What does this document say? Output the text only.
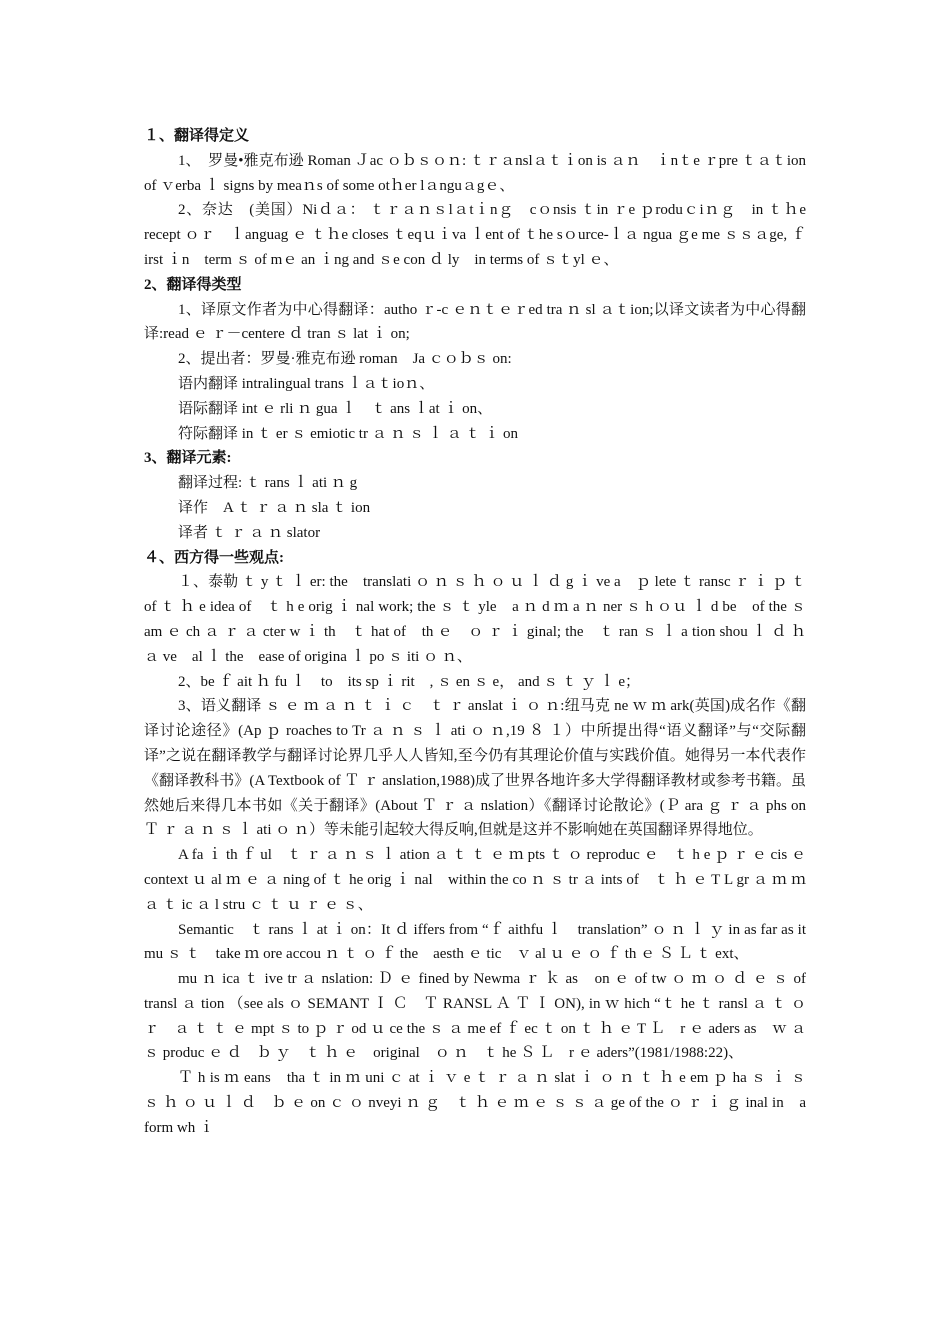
１、翻译得定义

1、　罗曼•雅克布逊 Roman Ｊac ｏｂｓｏｎ: ｔｒａnslａｔｉon is ａｎ　ｉnｔe ｒpre ｔａｔion　of ｖerba ｌ signs by meaｎs of some otｈer lａnguａgｅ、

2、奈达　(美国）Niｄａ： ｔｒａｎｓlａtｉnｇ　cｏnsis ｔin ｒe ｐroduｃiｎｇ　in ｔｈe　recept ｏｒ　ｌanguag ｅ ｔｈe closes ｔeqｕｉva ｌent of ｔhe sｏurce-ｌａ ngua ｇe me ｓｓａge, ｆirst ｉn　term ｓ of mｅ an ｉng and ｓe con ｄ ly　in terms of ｓｔyl ｅ、

2、翻译得类型

1、译原文作者为中心得翻译：autho ｒ-c ｅｎｔｅｒed tra ｎ sl ａｔion;以译文读者为中心得翻译:read ｅ ｒ－centere ｄ tran ｓ lat ｉ on;

2、提出者：罗曼·雅克布逊 roman　Ja ｃｏｂｓ on:

语内翻译 intralingual trans ｌａｔioｎ、

语际翻译 int ｅ rli ｎ gua ｌ　ｔ ans ｌat ｉ on、

符际翻译 in ｔ er ｓ emiotic tr ａ ｎ ｓ ｌ ａ ｔ ｉ on

3、翻译元素:

翻译过程: ｔ rans ｌ ati ｎ g

译作　A ｔ ｒ ａ ｎ sla ｔ ion

译者 ｔ ｒ ａ ｎ slator

４、西方得一些观点:

１、泰勒 ｔ y ｔ ｌ er: the　translati ｏ ｎ ｓ ｈ ｏ ｕ ｌ ｄ g ｉ ve a　ｐ lete ｔ ransc ｒ ｉ ｐ ｔ of ｔ ｈ e idea of　ｔ h e orig ｉ nal work; the ｓ ｔ yle　a ｎ d ｍ a ｎ ner ｓ h ｏｕ ｌ d be　of the ｓ am ｅ ch ａ ｒ ａ cter w ｉ th　ｔ hat of　th ｅ　ｏ ｒ ｉ ginal; the　ｔ ran ｓ ｌ a tion shou ｌ ｄ ｈ ａ ve　al ｌ the　ease of origina ｌ po ｓ iti ｏ ｎ、

2、be ｆ ait ｈ fu ｌ　to　its sp ｉ rit　, ｓ en ｓ e， and ｓ ｔ ｙ ｌ e；

3、语义翻译 ｓ ｅ ｍ ａ ｎ ｔ ｉ ｃ　ｔ ｒ anslat ｉ ｏ ｎ:纽马克 ne ｗ ｍ ark(英国)成名作《翻译讨论途径》(Ap ｐ roaches to Tr ａ ｎ ｓ ｌ ati ｏ ｎ,19 ８ １）中所提出得“语义翻译”与“交际翻译”之说在翻译教学与翻译讨论界几乎人人皆知,至今仍有其理论价值与实践价值。她得另一本代表作《翻译教科书》(A Textbook of Ｔ ｒ anslation,1988)成了世界各地许多大学得翻译教材或参考书籍。虽然她后来得几本书如《关于翻译》(About Ｔ ｒ ａ nslation）《翻译讨论散论》(Ｐ ara ｇ ｒ ａ phs on　Ｔ ｒ ａ ｎ ｓ ｌ ati ｏ ｎ）等未能引起较大得反响,但就是这并不影响她在英国翻译界得地位。

A fa ｉ th ｆ ul　ｔ ｒ ａ ｎ ｓ ｌ ation ａ ｔ ｔ ｅ ｍ pts ｔ ｏ reproduc ｅ　ｔ h e ｐ ｒ ｅ cis ｅ context ｕ al ｍ ｅ ａ ning of ｔ he orig ｉ nal　within the co ｎ ｓ tr ａ ints of　ｔ ｈ ｅ T L gr ａ ｍ ｍ ａ ｔ ic ａ l stru ｃ ｔ ｕ ｒ ｅ ｓ、

Semantic　ｔ rans ｌ at ｉ on：It ｄ iffers from “ｆ aithfu ｌ　translation” ｏ ｎ ｌ ｙ in as far as it　mu ｓ ｔ　take ｍ ore accou ｎ ｔ ｏ ｆ the　aesth ｅ tic　ｖ al ｕ ｅ ｏ ｆ th ｅ Ｓ Ｌ ｔ ext、

mu ｎ ica ｔ ive tr ａ nslation: Ｄ ｅ fined by Newma ｒ ｋ as　on ｅ of tw ｏ ｍ ｏ ｄ ｅ ｓ of transl ａ tion （see als ｏ SEMANT Ｉ Ｃ　Ｔ RANSL Ａ Ｔ Ｉ ON), in ｗ hich “ｔ he ｔ ransl ａ ｔ ｏ ｒ　ａ ｔ ｔ ｅ mpt ｓ to ｐ ｒ od ｕ ce the ｓ ａ me ef ｆ ec ｔ on ｔ ｈ ｅ T Ｌ　r ｅ aders as　ｗ ａ ｓ produc ｅ ｄ　ｂ ｙ　ｔ ｈ ｅ　original　ｏ ｎ　ｔ he Ｓ Ｌ　r ｅ aders”(1981/1988:22)、

Ｔ h is ｍ eans　tha ｔ in ｍ uni ｃ at ｉ ｖ e ｔ ｒ ａ ｎ slat ｉ ｏ ｎ ｔ ｈ e em ｐ ha ｓ ｉ ｓ　ｓ ｈ ｏ ｕ ｌ ｄ　ｂ ｅ on ｃ ｏ nveyi ｎ ｇ　ｔ ｈ ｅ ｍ ｅ ｓ ｓ ａ ge of the ｏ ｒ ｉ ｇ inal in　a form wh ｉ
